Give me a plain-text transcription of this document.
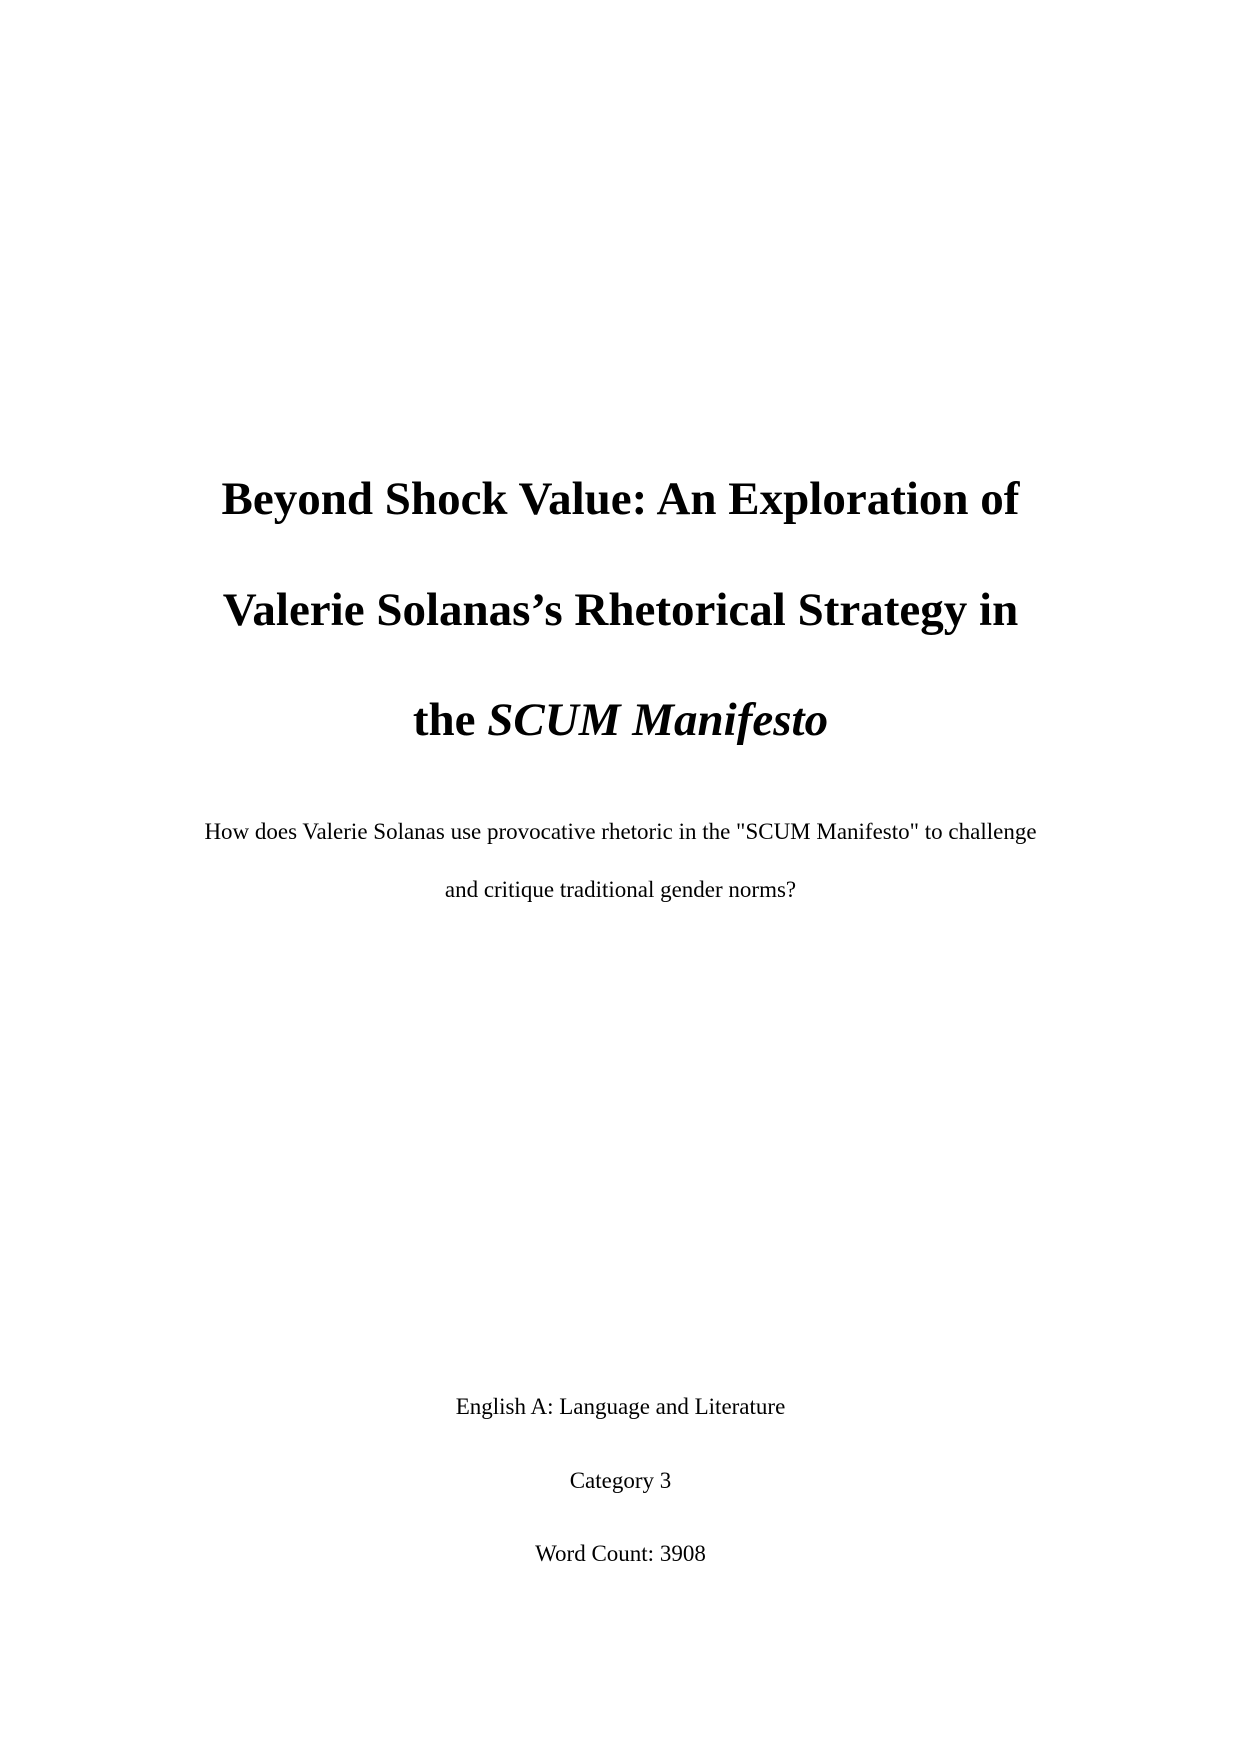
Beyond Shock Value: An Exploration of
Valerie Solanas’s Rhetorical Strategy in
the SCUM Manifesto
How does Valerie Solanas use provocative rhetoric in the "SCUM Manifesto" to challenge
and critique traditional gender norms?
English A: Language and Literature
Category 3
Word Count: 3908
